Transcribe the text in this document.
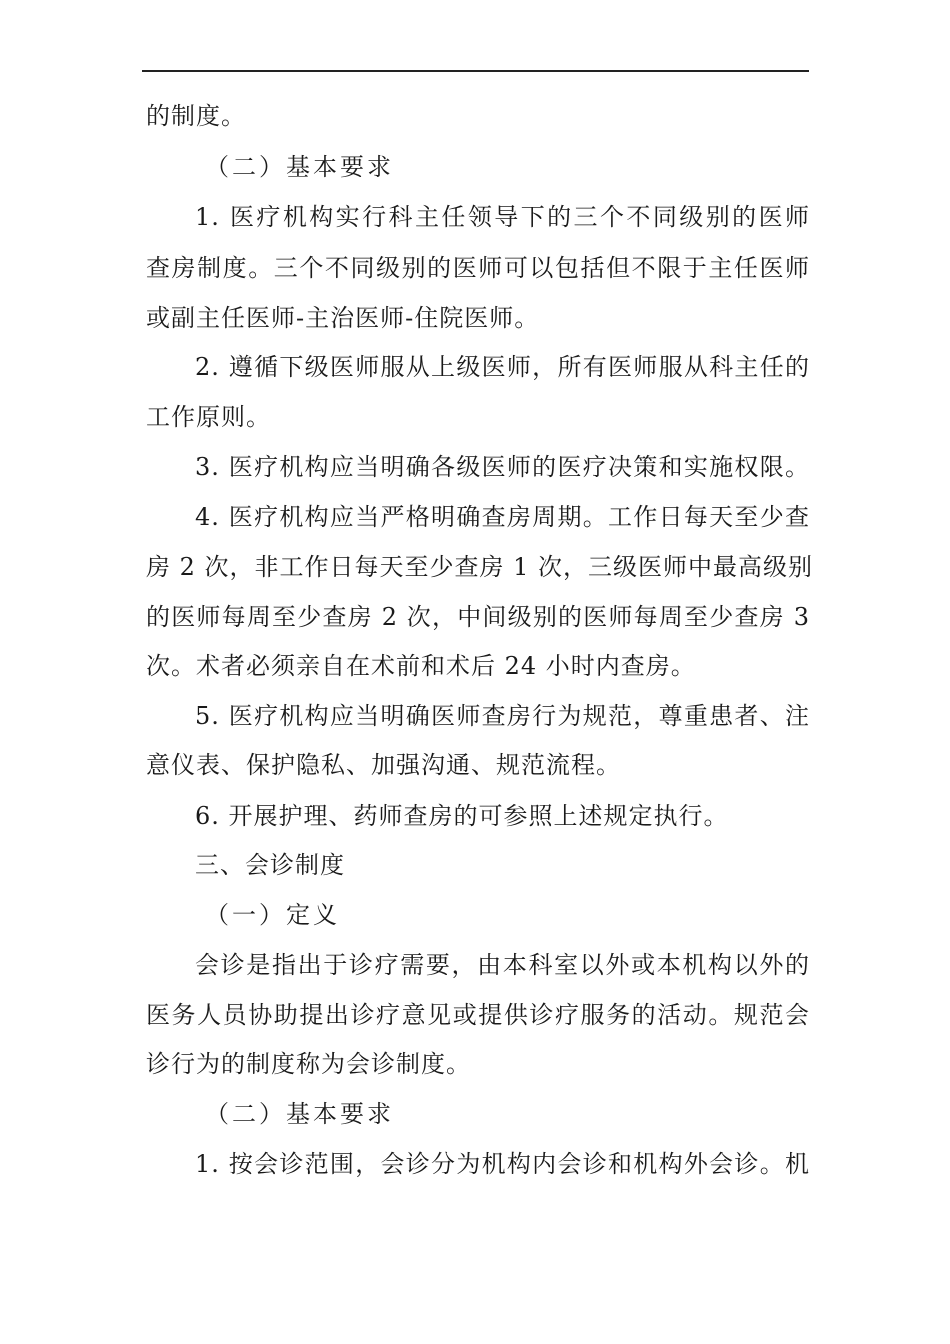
的制度。
（二）基本要求
1. 医疗机构实行科主任领导下的三个不同级别的医师
查房制度。三个不同级别的医师可以包括但不限于主任医师
或副主任医师-主治医师-住院医师。
2. 遵循下级医师服从上级医师，所有医师服从科主任的
工作原则。
3. 医疗机构应当明确各级医师的医疗决策和实施权限。
4. 医疗机构应当严格明确查房周期。工作日每天至少查
房 2 次，非工作日每天至少查房 1 次，三级医师中最高级别
的医师每周至少查房 2 次，中间级别的医师每周至少查房 3
次。术者必须亲自在术前和术后 24 小时内查房。
5. 医疗机构应当明确医师查房行为规范，尊重患者、注
意仪表、保护隐私、加强沟通、规范流程。
6. 开展护理、药师查房的可参照上述规定执行。
三、会诊制度
（一）定义
会诊是指出于诊疗需要，由本科室以外或本机构以外的
医务人员协助提出诊疗意见或提供诊疗服务的活动。规范会
诊行为的制度称为会诊制度。
（二）基本要求
1. 按会诊范围，会诊分为机构内会诊和机构外会诊。机
